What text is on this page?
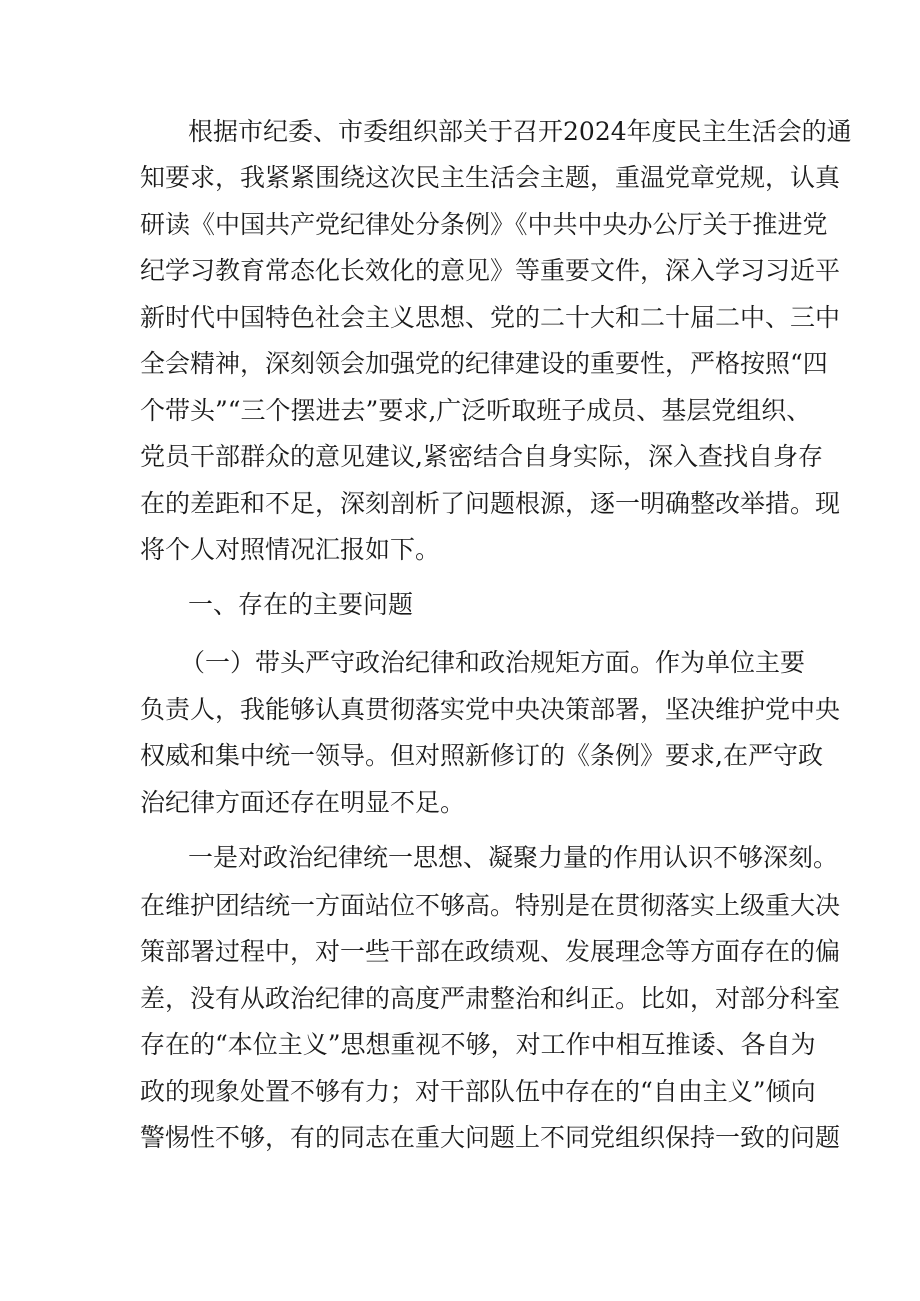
根据市纪委、市委组织部关于召开2024年度民主生活会的通

知要求，我紧紧围绕这次民主生活会主题，重温党章党规，认真

研读《中国共产党纪律处分条例》《中共中央办公厅关于推进党

纪学习教育常态化长效化的意见》等重要文件，深入学习习近平

新时代中国特色社会主义思想、党的二十大和二十届二中、三中

全会精神，深刻领会加强党的纪律建设的重要性，严格按照“四

个带头”“三个摆进去”要求,广泛听取班子成员、基层党组织、

党员干部群众的意见建议,紧密结合自身实际，深入查找自身存

在的差距和不足，深刻剖析了问题根源，逐一明确整改举措。现

将个人对照情况汇报如下。

一、存在的主要问题

（一）带头严守政治纪律和政治规矩方面。作为单位主要

负责人，我能够认真贯彻落实党中央决策部署，坚决维护党中央

权威和集中统一领导。但对照新修订的《条例》要求,在严守政

治纪律方面还存在明显不足。

一是对政治纪律统一思想、凝聚力量的作用认识不够深刻。

在维护团结统一方面站位不够高。特别是在贯彻落实上级重大决

策部署过程中，对一些干部在政绩观、发展理念等方面存在的偏

差，没有从政治纪律的高度严肃整治和纠正。比如，对部分科室

存在的“本位主义”思想重视不够，对工作中相互推诿、各自为

政的现象处置不够有力；对干部队伍中存在的“自由主义”倾向

警惕性不够，有的同志在重大问题上不同党组织保持一致的问题
